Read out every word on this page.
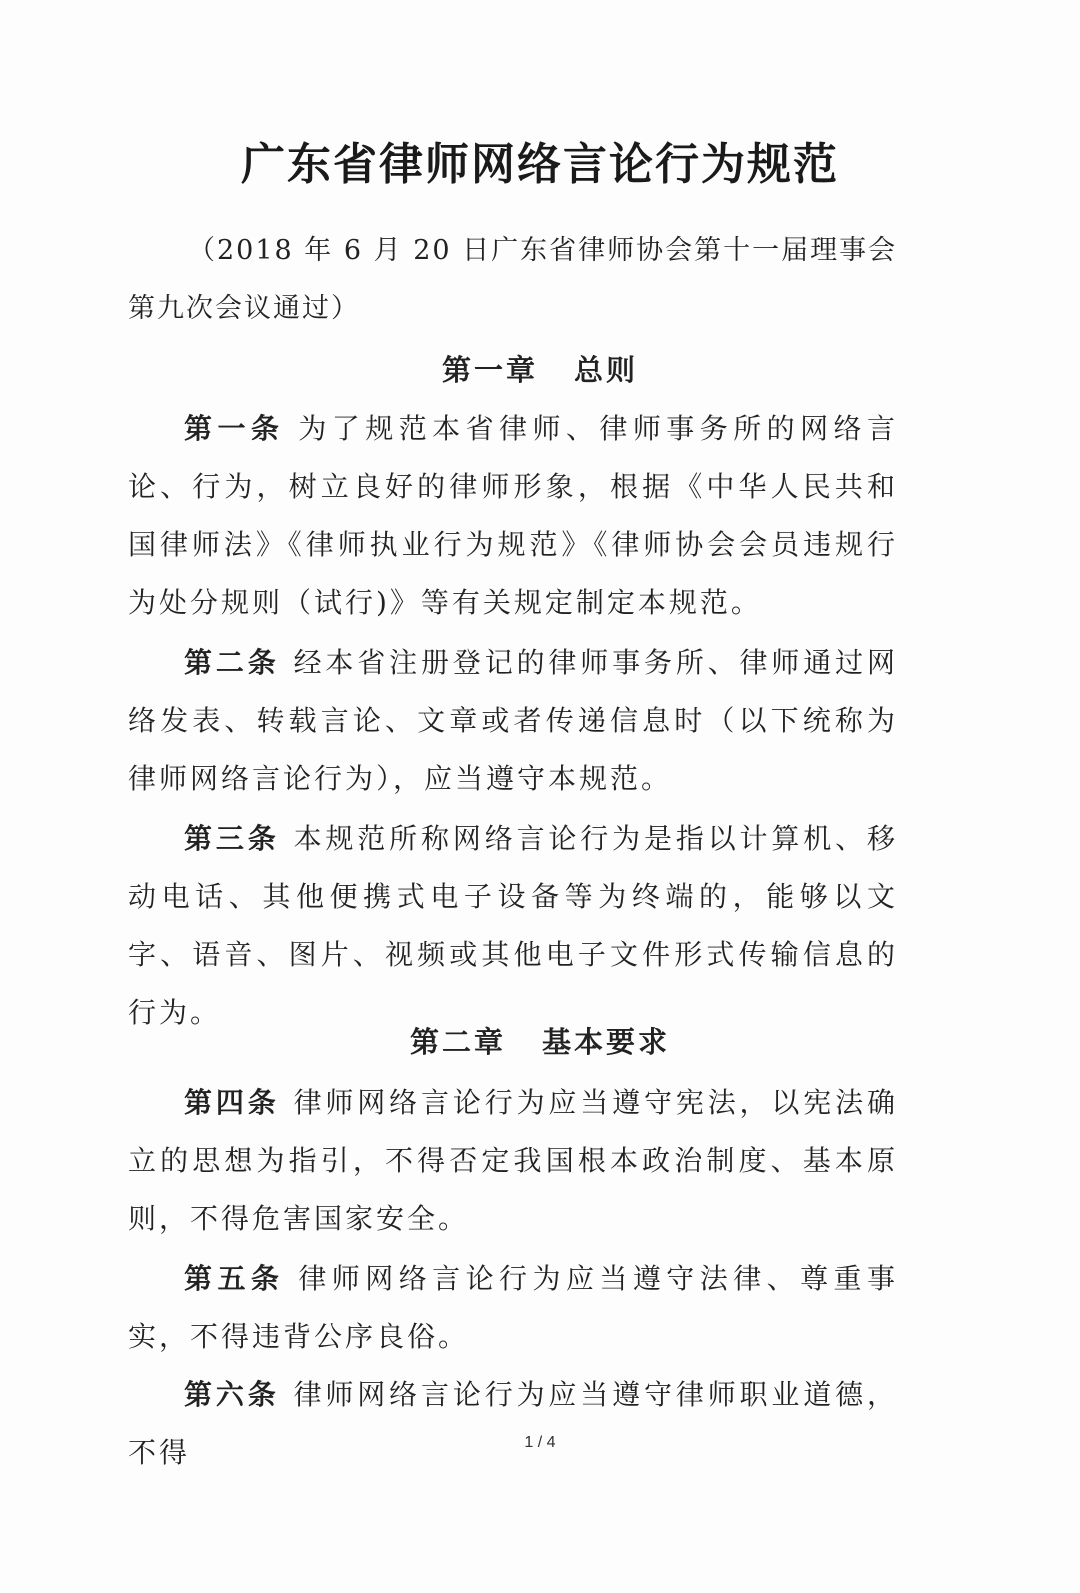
广东省律师网络言论行为规范

（2018 年 6 月 20 日广东省律师协会第十一届理事会第九次会议通过）

第一章 总则

第一条 为了规范本省律师、律师事务所的网络言论、行为，树立良好的律师形象，根据《中华人民共和国律师法》《律师执业行为规范》《律师协会会员违规行为处分规则（试行)》等有关规定制定本规范。

第二条 经本省注册登记的律师事务所、律师通过网络发表、转载言论、文章或者传递信息时（以下统称为律师网络言论行为），应当遵守本规范。

第三条 本规范所称网络言论行为是指以计算机、移动电话、其他便携式电子设备等为终端的，能够以文字、语音、图片、视频或其他电子文件形式传输信息的行为。

第二章 基本要求

第四条 律师网络言论行为应当遵守宪法，以宪法确立的思想为指引，不得否定我国根本政治制度、基本原则，不得危害国家安全。

第五条 律师网络言论行为应当遵守法律、尊重事实，不得违背公序良俗。

第六条 律师网络言论行为应当遵守律师职业道德，不得	1 / 4
